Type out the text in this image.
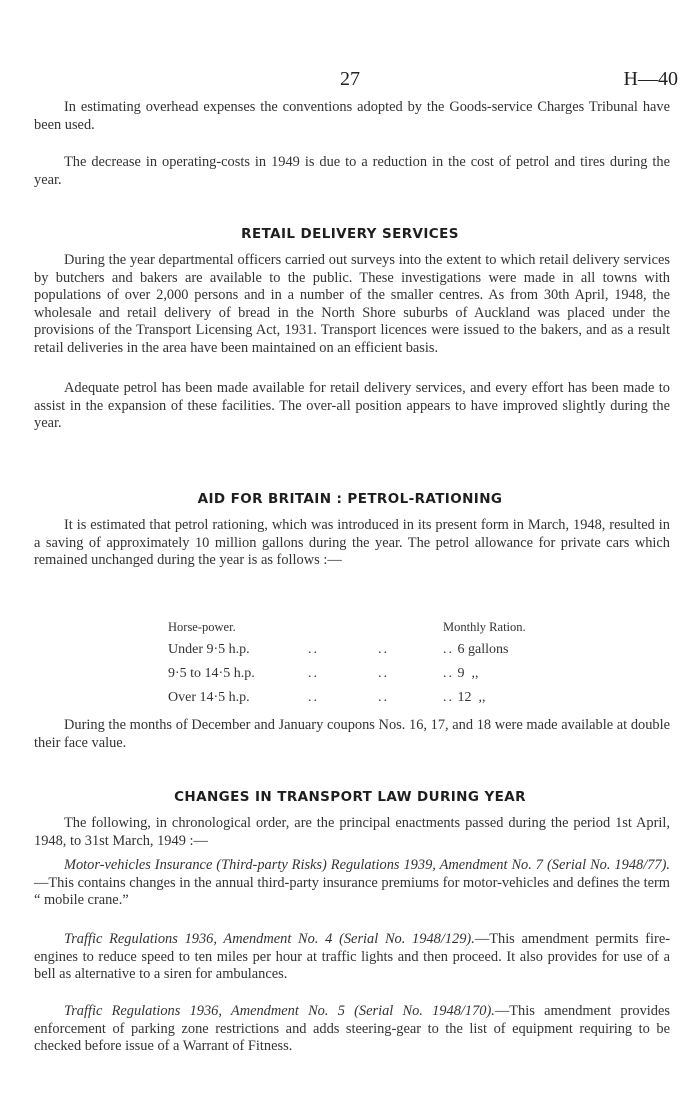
27	H—40

In estimating overhead expenses the conventions adopted by the Goods-service Charges Tribunal have been used.

The decrease in operating-costs in 1949 is due to a reduction in the cost of petrol and tires during the year.

RETAIL DELIVERY SERVICES

During the year departmental officers carried out surveys into the extent to which retail delivery services by butchers and bakers are available to the public. These investigations were made in all towns with populations of over 2,000 persons and in a number of the smaller centres. As from 30th April, 1948, the wholesale and retail delivery of bread in the North Shore suburbs of Auckland was placed under the provisions of the Transport Licensing Act, 1931. Transport licences were issued to the bakers, and as a result retail deliveries in the area have been maintained on an efficient basis.

Adequate petrol has been made available for retail delivery services, and every effort has been made to assist in the expansion of these facilities. The over-all position appears to have improved slightly during the year.

AID FOR BRITAIN : PETROL-RATIONING

It is estimated that petrol rationing, which was introduced in its present form in March, 1948, resulted in a saving of approximately 10 million gallons during the year. The petrol allowance for private cars which remained unchanged during the year is as follows :—

Horse-power.			Monthly Ration.
Under 9·5 h.p.	..	..	.. 6 gallons
9·5 to 14·5 h.p.	..	..	.. 9  ,,
Over 14·5 h.p.	..	..	.. 12  ,,

During the months of December and January coupons Nos. 16, 17, and 18 were made available at double their face value.

CHANGES IN TRANSPORT LAW DURING YEAR

The following, in chronological order, are the principal enactments passed during the period 1st April, 1948, to 31st March, 1949 :—

Motor-vehicles Insurance (Third-party Risks) Regulations 1939, Amendment No. 7 (Serial No. 1948/77).—This contains changes in the annual third-party insurance premiums for motor-vehicles and defines the term “ mobile crane.”

Traffic Regulations 1936, Amendment No. 4 (Serial No. 1948/129).—This amendment permits fire-engines to reduce speed to ten miles per hour at traffic lights and then proceed. It also provides for use of a bell as alternative to a siren for ambulances.

Traffic Regulations 1936, Amendment No. 5 (Serial No. 1948/170).—This amendment provides enforcement of parking zone restrictions and adds steering-gear to the list of equipment requiring to be checked before issue of a Warrant of Fitness.
